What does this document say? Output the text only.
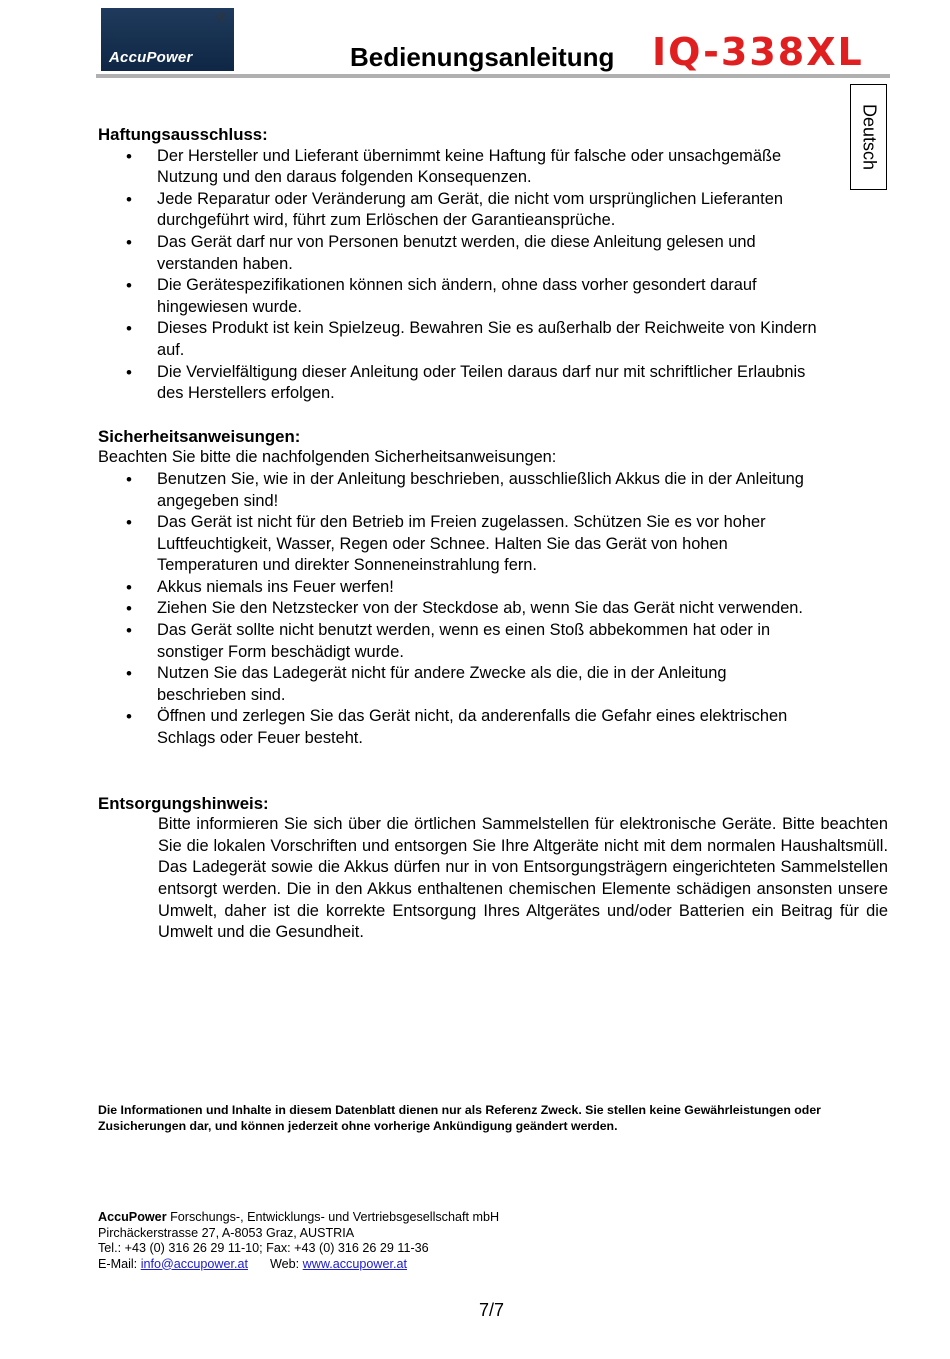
AccuPower
®
Bedienungsanleitung IQ-338XL
Deutsch

Haftungsausschluss:

• Der Hersteller und Lieferant übernimmt keine Haftung für falsche oder unsachgemäße Nutzung und den daraus folgenden Konsequenzen.
• Jede Reparatur oder Veränderung am Gerät, die nicht vom ursprünglichen Lieferanten durchgeführt wird, führt zum Erlöschen der Garantieansprüche.
• Das Gerät darf nur von Personen benutzt werden, die diese Anleitung gelesen und verstanden haben.
• Die Gerätespezifikationen können sich ändern, ohne dass vorher gesondert darauf hingewiesen wurde.
• Dieses Produkt ist kein Spielzeug. Bewahren Sie es außerhalb der Reichweite von Kindern auf.
• Die Vervielfältigung dieser Anleitung oder Teilen daraus darf nur mit schriftlicher Erlaubnis des Herstellers erfolgen.

Sicherheitsanweisungen:

Beachten Sie bitte die nachfolgenden Sicherheitsanweisungen:

• Benutzen Sie, wie in der Anleitung beschrieben, ausschließlich Akkus die in der Anleitung angegeben sind!
• Das Gerät ist nicht für den Betrieb im Freien zugelassen. Schützen Sie es vor hoher Luftfeuchtigkeit, Wasser, Regen oder Schnee. Halten Sie das Gerät von hohen Temperaturen und direkter Sonneneinstrahlung fern.
• Akkus niemals ins Feuer werfen!
• Ziehen Sie den Netzstecker von der Steckdose ab, wenn Sie das Gerät nicht verwenden.
• Das Gerät sollte nicht benutzt werden, wenn es einen Stoß abbekommen hat oder in sonstiger Form beschädigt wurde.
• Nutzen Sie das Ladegerät nicht für andere Zwecke als die, die in der Anleitung beschrieben sind.
• Öffnen und zerlegen Sie das Gerät nicht, da anderenfalls die Gefahr eines elektrischen Schlags oder Feuer besteht.

Entsorgungshinweis:

Bitte informieren Sie sich über die örtlichen Sammelstellen für elektronische Geräte. Bitte beachten Sie die lokalen Vorschriften und entsorgen Sie Ihre Altgeräte nicht mit dem normalen Haushaltsmüll. Das Ladegerät sowie die Akkus dürfen nur in von Entsorgungsträgern eingerichteten Sammelstellen entsorgt werden. Die in den Akkus enthaltenen chemischen Elemente schädigen ansonsten unsere Umwelt, daher ist die korrekte Entsorgung Ihres Altgerätes und/oder Batterien ein Beitrag für die Umwelt und die Gesundheit.

Die Informationen und Inhalte in diesem Datenblatt dienen nur als Referenz Zweck. Sie stellen keine Gewährleistungen oder Zusicherungen dar, und können jederzeit ohne vorherige Ankündigung geändert werden.
AccuPower Forschungs-, Entwicklungs- und Vertriebsgesellschaft mbH
Pirchäckerstrasse 27, A-8053 Graz, AUSTRIA
Tel.: +43 (0) 316 26 29 11-10; Fax: +43 (0) 316 26 29 11-36
E-Mail: info@accupower.at Web: www.accupower.at
7/7
